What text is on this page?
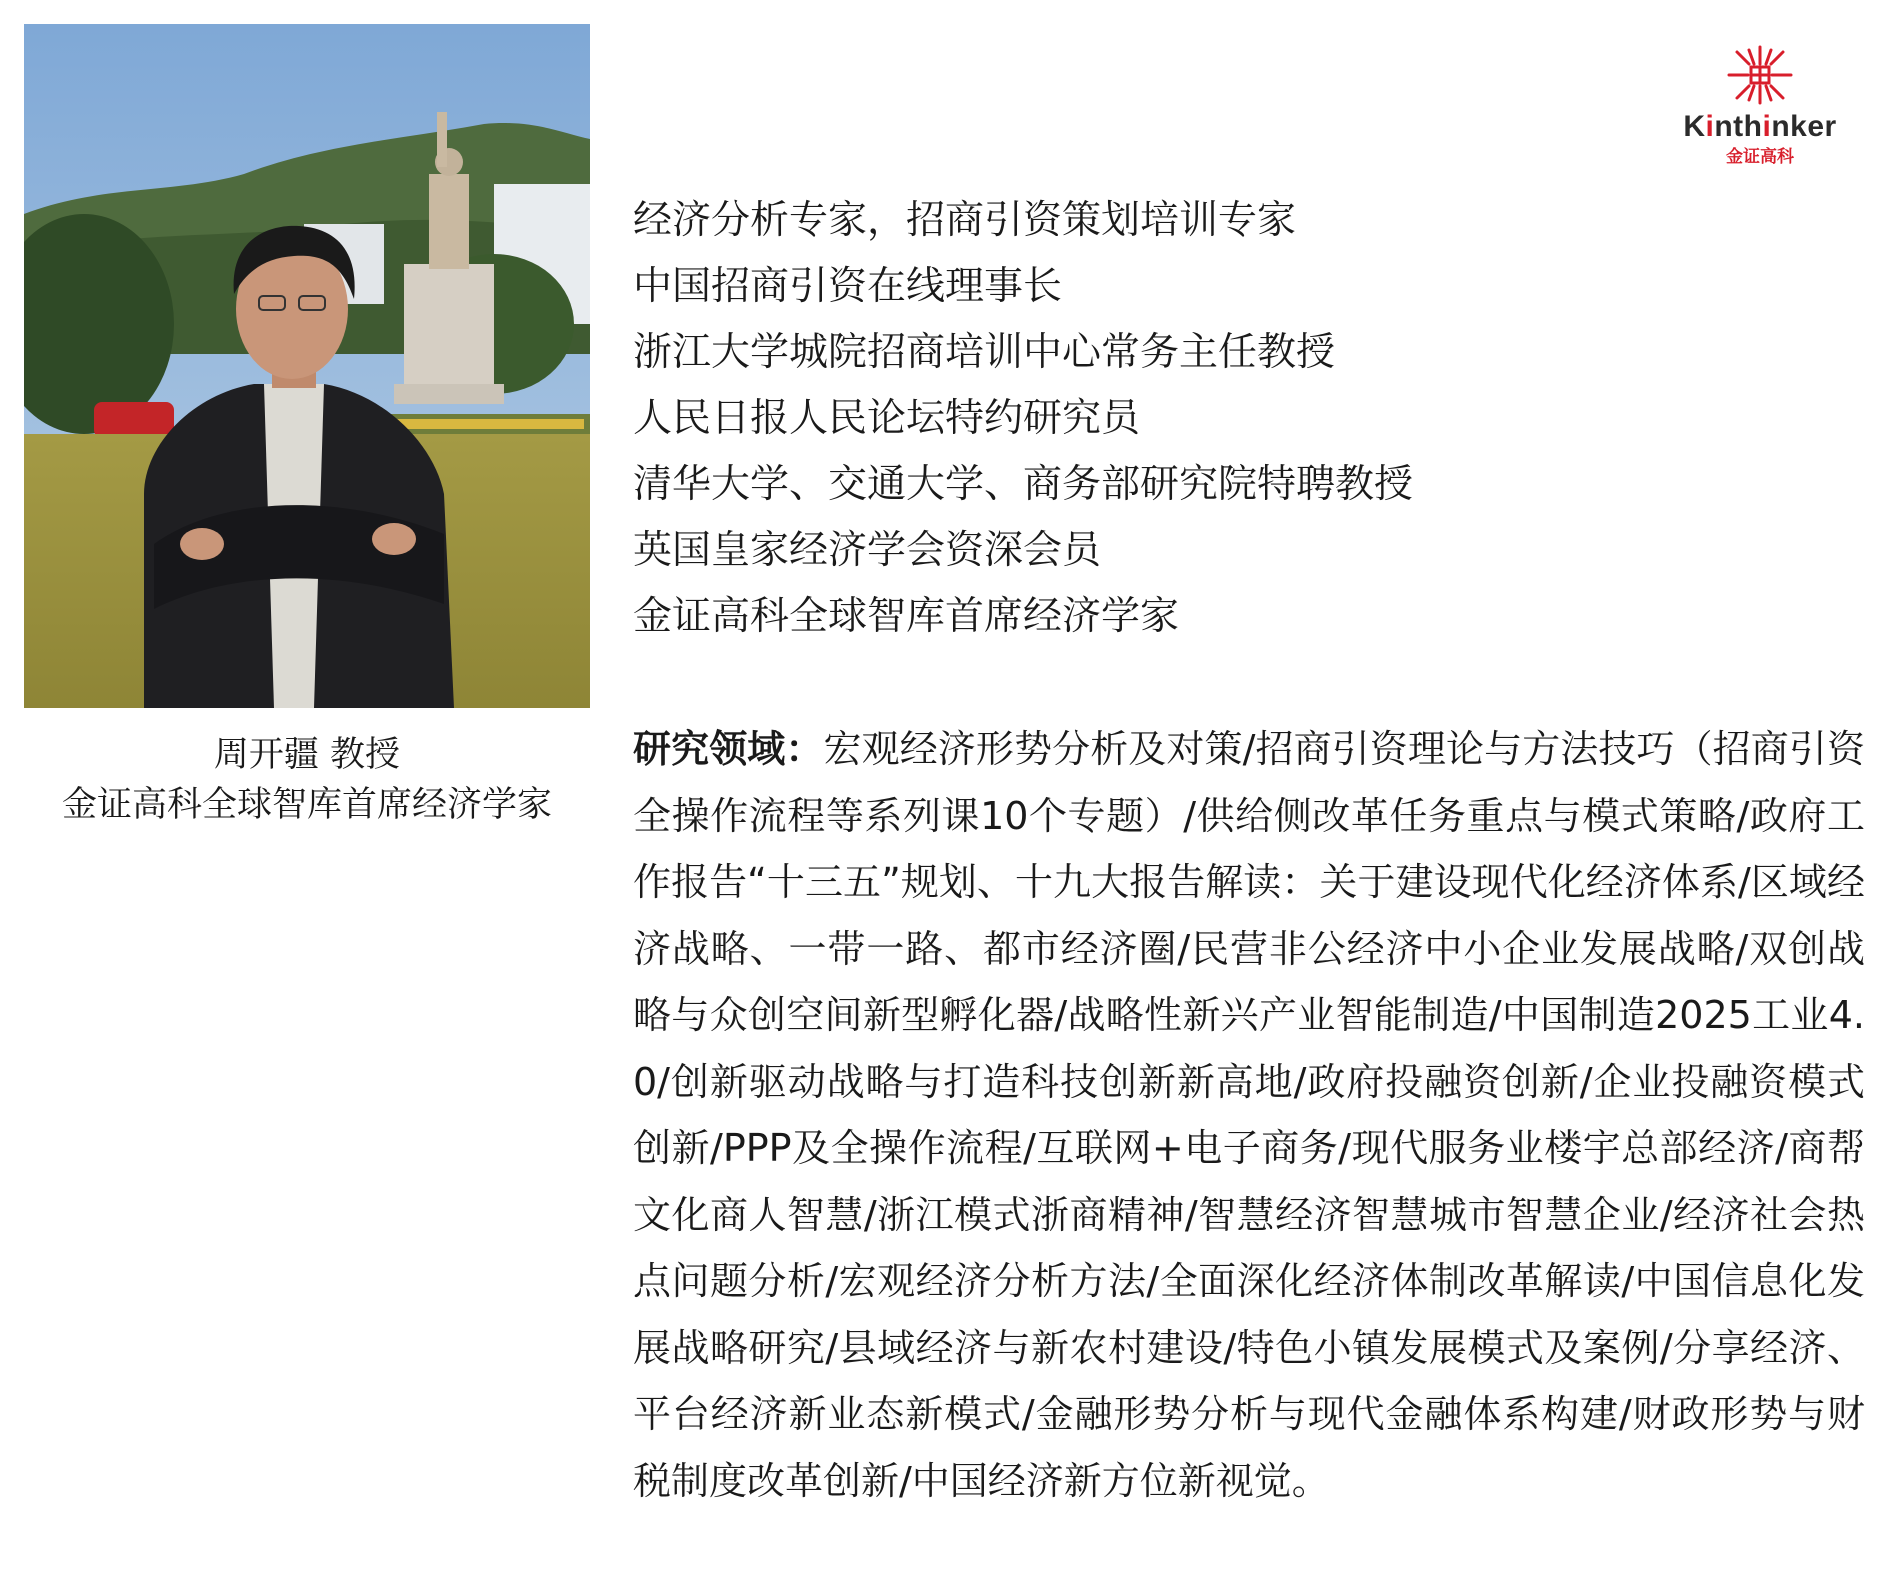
周开疆 教授
金证高科全球智库首席经济学家
Kinthinker
金证高科
经济分析专家，招商引资策划培训专家
中国招商引资在线理事长
浙江大学城院招商培训中心常务主任教授
人民日报人民论坛特约研究员
清华大学、交通大学、商务部研究院特聘教授
英国皇家经济学会资深会员
金证高科全球智库首席经济学家
研究领域：宏观经济形势分析及对策/招商引资理论与方法技巧（招商引资全操作流程等系列课10个专题）/供给侧改革任务重点与模式策略/政府工作报告“十三五”规划、十九大报告解读：关于建设现代化经济体系/区域经济战略、一带一路、都市经济圈/民营非公经济中小企业发展战略/双创战略与众创空间新型孵化器/战略性新兴产业智能制造/中国制造2025工业4.0/创新驱动战略与打造科技创新新高地/政府投融资创新/企业投融资模式创新/PPP及全操作流程/互联网+电子商务/现代服务业楼宇总部经济/商帮文化商人智慧/浙江模式浙商精神/智慧经济智慧城市智慧企业/经济社会热点问题分析/宏观经济分析方法/全面深化经济体制改革解读/中国信息化发展战略研究/县域经济与新农村建设/特色小镇发展模式及案例/分享经济、平台经济新业态新模式/金融形势分析与现代金融体系构建/财政形势与财税制度改革创新/中国经济新方位新视觉。
